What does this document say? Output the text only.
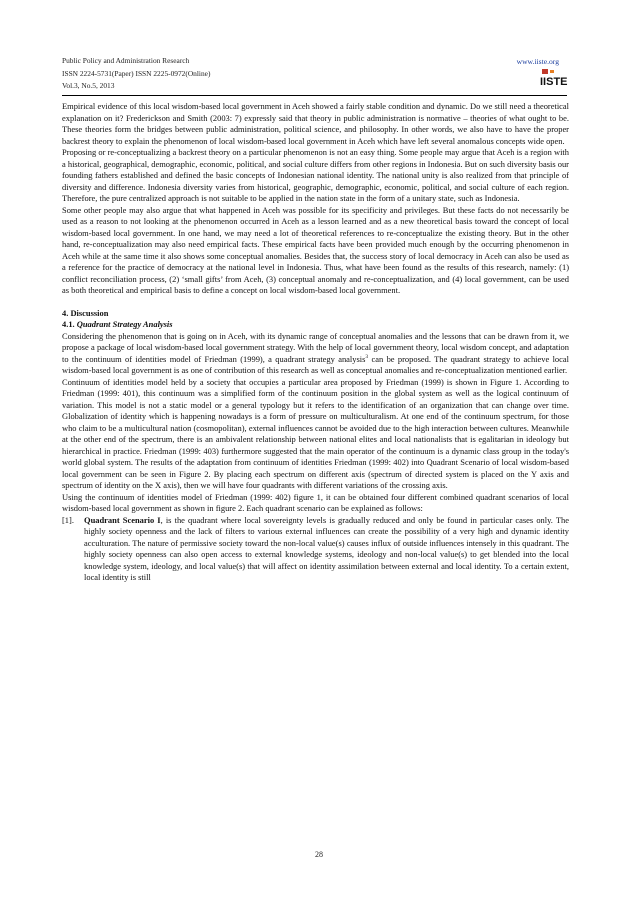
Public Policy and Administration Research
ISSN 2224-5731(Paper) ISSN 2225-0972(Online)
Vol.3, No.5, 2013
www.iiste.org
IISTE

Empirical evidence of this local wisdom-based local government in Aceh showed a fairly stable condition and dynamic. Do we still need a theoretical explanation on it? Frederickson and Smith (2003: 7) expressly said that theory in public administration is normative – theories of what ought to be. These theories form the bridges between public administration, political science, and philosophy. In other words, we also have to have the proper backrest theory to explain the phenomenon of local wisdom-based local government in Aceh which have left several anomalous concepts wide open.

Proposing or re-conceptualizing a backrest theory on a particular phenomenon is not an easy thing. Some people may argue that Aceh is a region with a historical, geographical, demographic, economic, political, and social culture differs from other regions in Indonesia. But on such diversity basis our founding fathers established and defined the basic concepts of Indonesian national identity. The national unity is also realized from that principle of diversity and difference. Indonesia diversity varies from historical, geographic, demographic, economic, political, and social culture of each region. Therefore, the pure centralized approach is not suitable to be applied in the nation state in the form of a unitary state, such as Indonesia.

Some other people may also argue that what happened in Aceh was possible for its specificity and privileges. But these facts do not necessarily be used as a reason to not looking at the phenomenon occurred in Aceh as a lesson learned and as a new theoretical basis toward the concept of local wisdom-based local government. In one hand, we may need a lot of theoretical references to re-conceptualize the existing theory. But in the other hand, re-conceptualization may also need empirical facts. These empirical facts have been provided much enough by the occurring phenomenon in Aceh while at the same time it also shows some conceptual anomalies. Besides that, the success story of local democracy in Aceh can also be used as a reference for the practice of democracy at the national level in Indonesia. Thus, what have been found as the results of this research, namely: (1) conflict reconciliation process, (2) ‘small gifts’ from Aceh, (3) conceptual anomaly and re-conceptualization, and (4) local government, can be used as both theoretical and empirical basis to define a concept on local wisdom-based local government.

4. Discussion

4.1. Quadrant Strategy Analysis

Considering the phenomenon that is going on in Aceh, with its dynamic range of conceptual anomalies and the lessons that can be drawn from it, we propose a package of local wisdom-based local government strategy. With the help of local government theory, local wisdom concept, and adaptation to the continuum of identities model of Friedman (1999), a quadrant strategy analysis$^3$ can be proposed. The quadrant strategy to achieve local wisdom-based local government is as one of contribution of this research as well as conceptual anomalies and re-conceptualization mentioned earlier.

Continuum of identities model held by a society that occupies a particular area proposed by Friedman (1999) is shown in Figure 1. According to Friedman (1999: 401), this continuum was a simplified form of the continuum position in the global system as well as the logical continuum of variation. This model is not a static model or a general typology but it refers to the identification of an organization that can change over time. Globalization of identity which is happening nowadays is a form of pressure on multiculturalism. At one end of the continuum spectrum, for those who claim to be a multicultural nation (cosmopolitan), external influences cannot be avoided due to the high interaction between cultures. Meanwhile at the other end of the spectrum, there is an ambivalent relationship between national elites and local nationalists that is egalitarian in ideology but hierarchical in practice. Friedman (1999: 403) furthermore suggested that the main operator of the continuum is a dynamic class group in the today's world global system. The results of the adaptation from continuum of identities Friedman (1999: 402) into Quadrant Scenario of local wisdom-based local government can be seen in Figure 2. By placing each spectrum on different axis (spectrum of directed system is placed on the Y axis and spectrum of identity on the X axis), then we will have four quadrants with different variations of the crossing axis.

Using the continuum of identities model of Friedman (1999: 402) figure 1, it can be obtained four different combined quadrant scenarios of local wisdom-based local government as shown in figure 2. Each quadrant scenario can be explained as follows:

[1].	Quadrant Scenario I, is the quadrant where local sovereignty levels is gradually reduced and only be found in particular cases only. The highly society openness and the lack of filters to various external influences can create the possibility of a very high and dynamic identity acculturation. The nature of permissive society toward the non-local value(s) causes influx of outside influences intensely in this quadrant. The highly society openness can also open access to external knowledge systems, ideology and non-local value(s) to get blended into the local knowledge system, ideology, and local value(s) that will affect on identity assimilation between external and local identity. To a certain extent, local identity is still
28
